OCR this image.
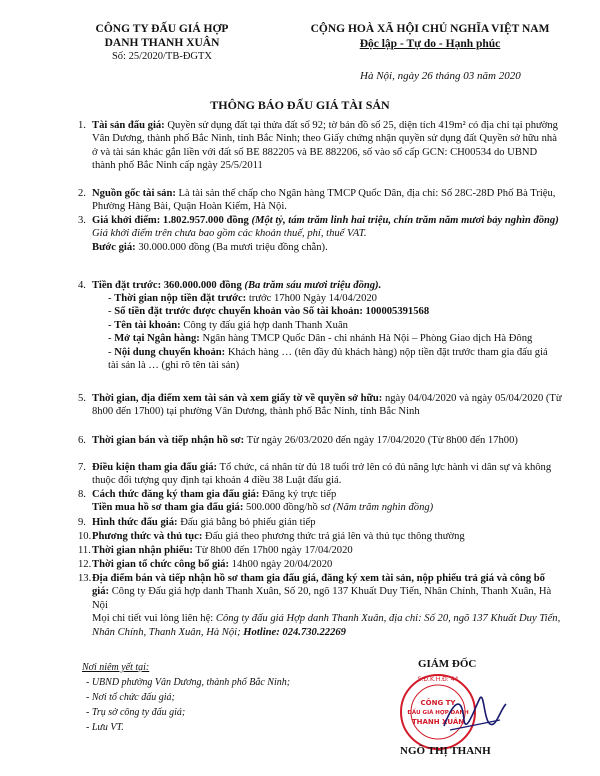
CÔNG TY ĐẤU GIÁ HỢP
DANH THANH XUÂN
Số: 25/2020/TB-ĐGTX
CỘNG HOÀ XÃ HỘI CHỦ NGHĨA VIỆT NAM
Độc lập - Tự do - Hạnh phúc
Hà Nội, ngày 26 tháng 03 năm 2020
THÔNG BÁO ĐẤU GIÁ TÀI SẢN
1. Tài sản đấu giá: Quyền sử dụng đất tại thửa đất số 92; tờ bản đồ số 25, diện tích 419m² có địa chỉ tại phường Vân Dương, thành phố Bắc Ninh, tỉnh Bắc Ninh; theo Giấy chứng nhận quyền sử dụng đất Quyền sở hữu nhà ở và tài sản khác gắn liền với đất số BE 882205 và BE 882206, số vào sổ cấp GCN: CH00534 do UBND thành phố Bắc Ninh cấp ngày 25/5/2011
2. Nguồn gốc tài sản: Là tài sản thế chấp cho Ngân hàng TMCP Quốc Dân, địa chỉ: Số 28C-28D Phố Bà Triệu, Phường Hàng Bài, Quận Hoàn Kiếm, Hà Nội.
3. Giá khởi điểm: 1.802.957.000 đồng (Một tỷ, tám trăm linh hai triệu, chín trăm năm mươi bảy nghìn đồng)
Giá khởi điểm trên chưa bao gồm các khoản thuế, phí, thuế VAT.
Bước giá: 30.000.000 đồng (Ba mươi triệu đồng chẵn).
4. Tiền đặt trước: 360.000.000 đồng (Ba trăm sáu mươi triệu đồng).
- Thời gian nộp tiền đặt trước: trước 17h00 Ngày 14/04/2020
- Số tiền đặt trước được chuyển khoản vào Số tài khoản: 100005391568
- Tên tài khoản: Công ty đấu giá hợp danh Thanh Xuân
- Mở tại Ngân hàng: Ngân hàng TMCP Quốc Dân - chi nhánh Hà Nội – Phòng Giao dịch Hà Đông
- Nội dung chuyển khoản: Khách hàng … (tên đầy đủ khách hàng) nộp tiền đặt trước tham gia đấu giá tài sản là … (ghi rõ tên tài sản)
5. Thời gian, địa điểm xem tài sản và xem giấy tờ về quyền sở hữu: ngày 04/04/2020 và ngày 05/04/2020 (Từ 8h00 đến 17h00) tại phường Vân Dương, thành phố Bắc Ninh, tỉnh Bắc Ninh
6. Thời gian bán và tiếp nhận hồ sơ: Từ ngày 26/03/2020 đến ngày 17/04/2020 (Từ 8h00 đến 17h00)
7. Điều kiện tham gia đấu giá: Tổ chức, cá nhân từ đủ 18 tuổi trở lên có đủ năng lực hành vi dân sự và không thuộc đối tượng quy định tại khoản 4 điều 38 Luật đấu giá.
8. Cách thức đăng ký tham gia đấu giá: Đăng ký trực tiếp
Tiền mua hồ sơ tham gia đấu giá: 500.000 đồng/hồ sơ (Năm trăm nghìn đồng)
9. Hình thức đấu giá: Đấu giá bằng bỏ phiếu gián tiếp
10. Phương thức và thủ tục: Đấu giá theo phương thức trả giá lên và thủ tục thông thường
11. Thời gian nhận phiếu: Từ 8h00 đến 17h00 ngày 17/04/2020
12. Thời gian tổ chức công bố giá: 14h00 ngày 20/04/2020
13. Địa điểm bán và tiếp nhận hồ sơ tham gia đấu giá, đăng ký xem tài sản, nộp phiếu trả giá và công bố giá: Công ty Đấu giá hợp danh Thanh Xuân, Số 20, ngõ 137 Khuất Duy Tiến, Nhân Chính, Thanh Xuân, Hà Nội
Mọi chi tiết vui lòng liên hệ: Công ty đấu giá Hợp danh Thanh Xuân, địa chỉ: Số 20, ngõ 137 Khuất Duy Tiến, Nhân Chính, Thanh Xuân, Hà Nội; Hotline: 024.730.22269
Nơi niêm yết tại:
- UBND phường Vân Dương, thành phố Bắc Ninh;
- Nơi tổ chức đấu giá;
- Trụ sở công ty đấu giá;
- Lưu VT.
GIÁM ĐỐC
S.Đ.K.H.Đ: 44
CÔNG TY
ĐẤU GIÁ HỢP DANH
THANH XUÂN
NGÔ THỊ THANH
